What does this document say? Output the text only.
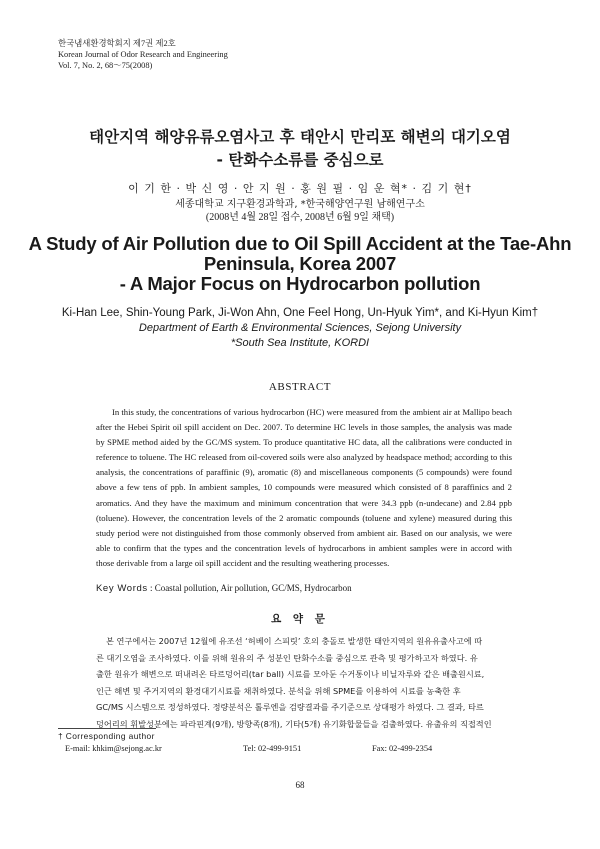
한국냄새환경학회지 제7권 제2호
Korean Journal of Odor Research and Engineering
Vol. 7, No. 2, 68～75(2008)
태안지역 해양유류오염사고 후 태안시 만리포 해변의 대기오염
- 탄화수소류를 중심으로
이 기 한 · 박 신 영 · 안 지 원 · 홍 원 필 · 임 운 혁* · 김 기 현†
세종대학교 지구환경과학과, *한국해양연구원 남해연구소
(2008년 4월 28일 접수, 2008년 6월 9일 채택)
A Study of Air Pollution due to Oil Spill Accident at the Tae-Ahn
Peninsula, Korea 2007
- A Major Focus on Hydrocarbon pollution
Ki-Han Lee, Shin-Young Park, Ji-Won Ahn, One Feel Hong, Un-Hyuk Yim*, and Ki-Hyun Kim†
Department of Earth & Environmental Sciences, Sejong University
*South Sea Institute, KORDI
ABSTRACT
In this study, the concentrations of various hydrocarbon (HC) were measured from the ambient air at Mallipo beach after the Hebei Spirit oil spill accident on Dec. 2007. To determine HC levels in those samples, the analysis was made by SPME method aided by the GC/MS system. To produce quantitative HC data, all the calibrations were conducted in reference to toluene. The HC released from oil-covered soils were also analyzed by headspace method; according to this analysis, the concentrations of paraffinic (9), aromatic (8) and miscellaneous components (5 compounds) were found above a few tens of ppb. In ambient samples, 10 compounds were measured which consisted of 8 paraffinics and 2 aromatics. And they have the maximum and minimum concentration that were 34.3 ppb (n-undecane) and 2.84 ppb (toluene). However, the concentration levels of the 2 aromatic compounds (toluene and xylene) measured during this study period were not distinguished from those commonly observed from ambient air. Based on our analysis, we were able to confirm that the types and the concentration levels of hydrocarbons in ambient samples were in accord with those derivable from a large oil spill accident and the resulting weathering processes.
Key Words : Coastal pollution, Air pollution, GC/MS, Hydrocarbon
요 약 문
본 연구에서는 2007년 12월에 유조선 ‘허베이 스피릿’ 호의 충돌로 발생한 태안지역의 원유유출사고에 따
른 대기오염을 조사하였다. 이를 위해 원유의 주 성분인 탄화수소를 중심으로 관측 및 평가하고자 하였다. 유
출한 원유가 해변으로 떠내려온 타르덩어리(tar ball) 시료를 모아둔 수거통이나 비닐자루와 같은 배출원시료,
인근 해변 및 주거지역의 환경대기시료를 채취하였다. 분석을 위해 SPME를 이용하여 시료를 농축한 후
GC/MS 시스템으로 정성하였다. 정량분석은 톨루엔을 검량결과를 주기준으로 상대평가 하였다. 그 결과, 타르
덩어리의 휘발성분에는 파라핀계(9개), 방향족(8개), 기타(5개) 유기화합물들을 검출하였다. 유출유의 직접적인
† Corresponding author
E-mail: khkim@sejong.ac.kr	Tel: 02-499-9151	Fax: 02-499-2354
68
